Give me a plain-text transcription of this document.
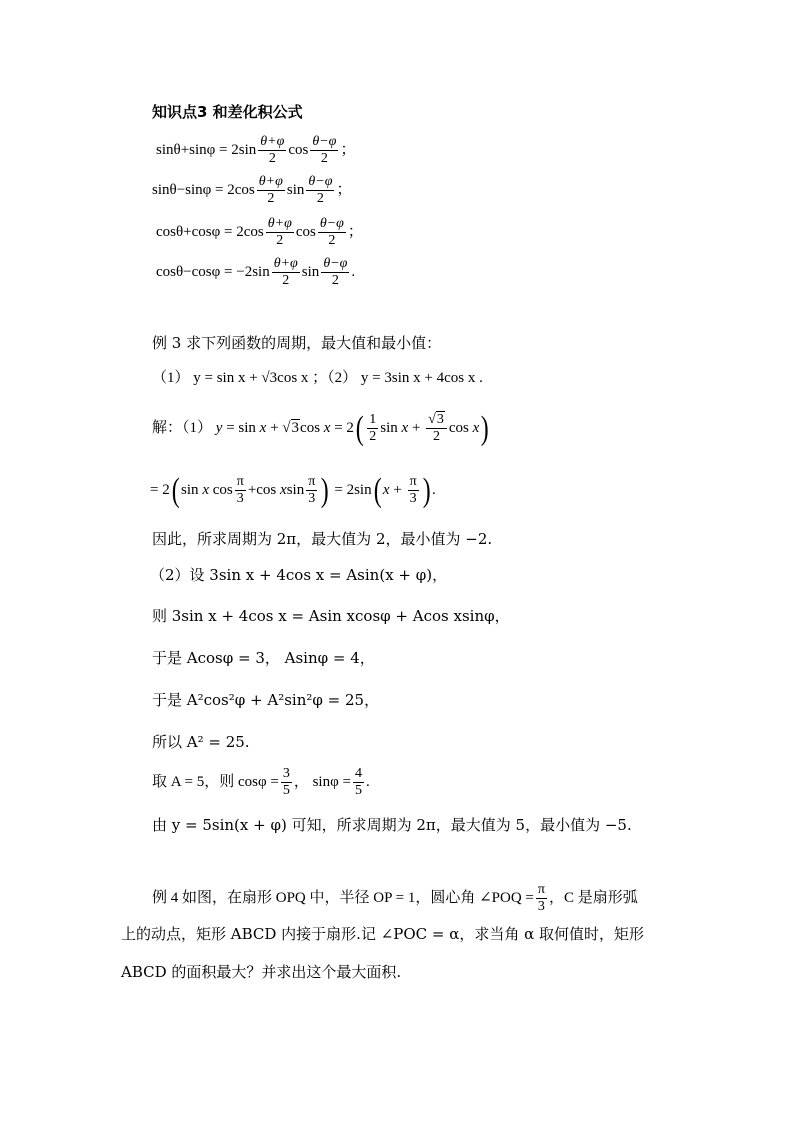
知识点3 和差化积公式
$\sin\theta+\sin\varphi = 2\sin \frac{\theta+\varphi}{2}$ $\cos \frac{\theta-\varphi}{2}$ ；
$\sin\theta-\sin\varphi = 2\cos \frac{\theta+\varphi}{2}$ $\sin \frac{\theta-\varphi}{2}$ ；
$\cos\theta+\cos\varphi = 2\cos \frac{\theta+\varphi}{2}$ $\cos \frac{\theta-\varphi}{2}$ ；
$\cos\theta-\cos\varphi = -2\sin \frac{\theta+\varphi}{2}$ $\sin \frac{\theta-\varphi}{2}$ .
例 3 求下列函数的周期，最大值和最小值：
（1） y = sin x + √3cos x ；（2） y = 3sin x + 4cos x .
解：（1） y = sin x + √3cos $x = 2( \frac{1}{2}$ $\sin x + \frac{√3}{2}$ cos x)
= 2( sin x $\cos \frac{\pi}{3} +\cos$ xsin $\frac{\pi}{3}$ ) = 2sin( $x + \frac{\pi}{3}$ ) .
因此，所求周期为 2π，最大值为 2，最小值为 −2.
（2）设 3sin x + 4cos x = Asin(x + φ)，
则 3sin x + 4cos x = Asin xcosφ + Acos xsinφ，
于是 Acosφ = 3， Asinφ = 4，
于是 A²cos²φ + A²sin²φ = 25，
所以 A² = 25.
取 A = 5，则 $\cos\varphi = \frac{3}{5}$ ， $\sin\varphi = \frac{4}{5}$ .
由 y = 5sin(x + φ) 可知，所求周期为 2π，最大值为 5，最小值为 −5.
例 4 如图，在扇形 OPQ 中，半径 OP = 1，圆心角 ∠POQ = $\frac{\pi}{3}$ ，C 是扇形弧
上的动点，矩形 ABCD 内接于扇形.记 ∠POC = α，求当角 α 取何值时，矩形
ABCD 的面积最大？并求出这个最大面积.
